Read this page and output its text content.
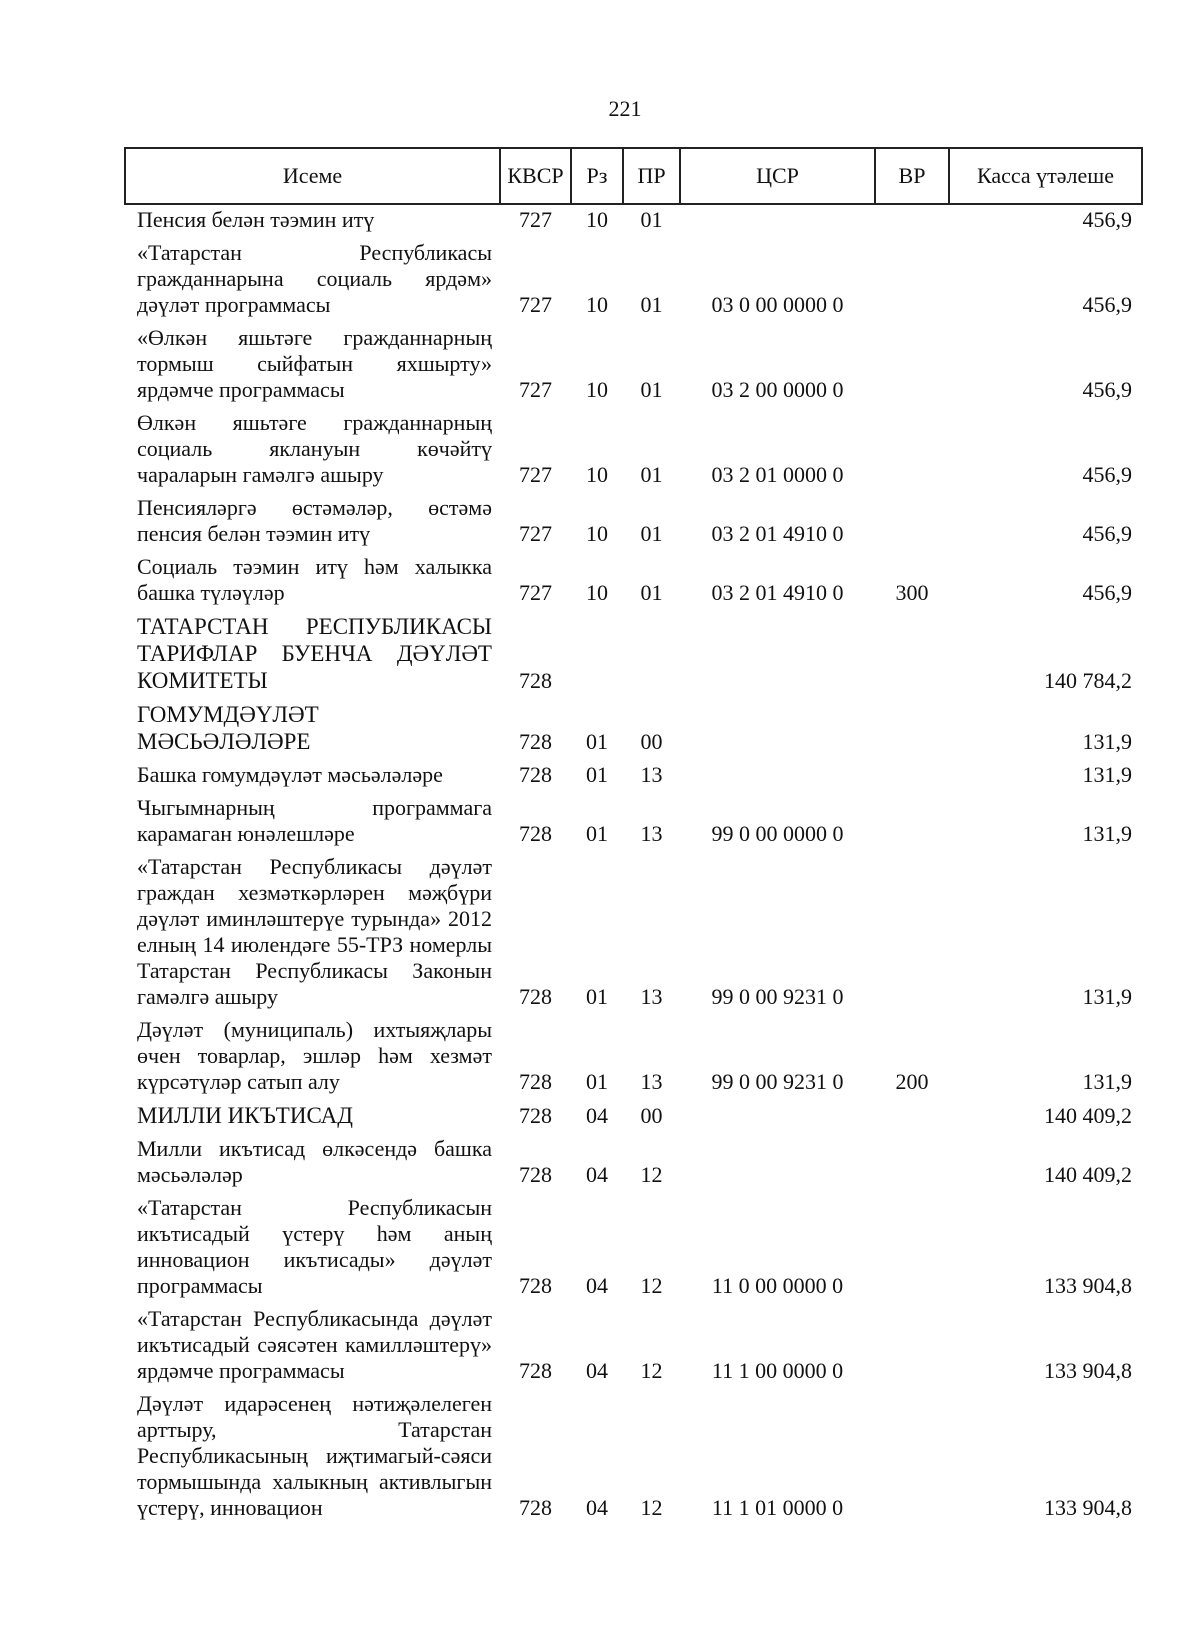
221
Исеме	КВСР	Рз	ПР	ЦСР	ВР	Касса үтәлеше
Пенсия белән тәэмин итү	727	10	01			456,9
«Татарстан Республикасы гражданнарына социаль ярдәм» дәүләт программасы	727	10	01	03 0 00 0000 0		456,9
«Өлкән яшьтәге гражданнарның тормыш сыйфатын яхшырту» ярдәмче программасы	727	10	01	03 2 00 0000 0		456,9
Өлкән яшьтәге гражданнарның социаль яклануын көчәйтү чараларын гамәлгә ашыру	727	10	01	03 2 01 0000 0		456,9
Пенсияләргә өстәмәләр, өстәмә пенсия белән тәэмин итү	727	10	01	03 2 01 4910 0		456,9
Социаль тәэмин итү һәм халыкка башка түләүләр	727	10	01	03 2 01 4910 0	300	456,9
ТАТАРСТАН РЕСПУБЛИКАСЫ ТАРИФЛАР БУЕНЧА ДӘҮЛӘТ КОМИТЕТЫ	728					140 784,2
ГОМУМДӘҮЛӘТ МӘСЬӘЛӘЛӘРЕ	728	01	00			131,9
Башка гомумдәүләт мәсьәләләре	728	01	13			131,9
Чыгымнарның программага карамаган юнәлешләре	728	01	13	99 0 00 0000 0		131,9
«Татарстан Республикасы дәүләт граждан хезмәткәрләрен мәҗбүри дәүләт иминләштерүе турында» 2012 елның 14 июлендәге 55-ТРЗ номерлы Татарстан Республикасы Законын гамәлгә ашыру	728	01	13	99 0 00 9231 0		131,9
Дәүләт (муниципаль) ихтыяҗлары өчен товарлар, эшләр һәм хезмәт күрсәтүләр сатып алу	728	01	13	99 0 00 9231 0	200	131,9
МИЛЛИ ИКЪТИСАД	728	04	00			140 409,2
Милли икътисад өлкәсендә башка мәсьәләләр	728	04	12			140 409,2
«Татарстан Республикасын икътисадый үстерү һәм аның инновацион икътисады» дәүләт программасы	728	04	12	11 0 00 0000 0		133 904,8
«Татарстан Республикасында дәүләт икътисадый сәясәтен камилләштерү» ярдәмче программасы	728	04	12	11 1 00 0000 0		133 904,8
Дәүләт идарәсенең нәтиҗәлелеген арттыру, Татарстан Республикасының иҗтимагый-сәяси тормышында халыкның активлыгын үстерү, инновацион	728	04	12	11 1 01 0000 0		133 904,8
